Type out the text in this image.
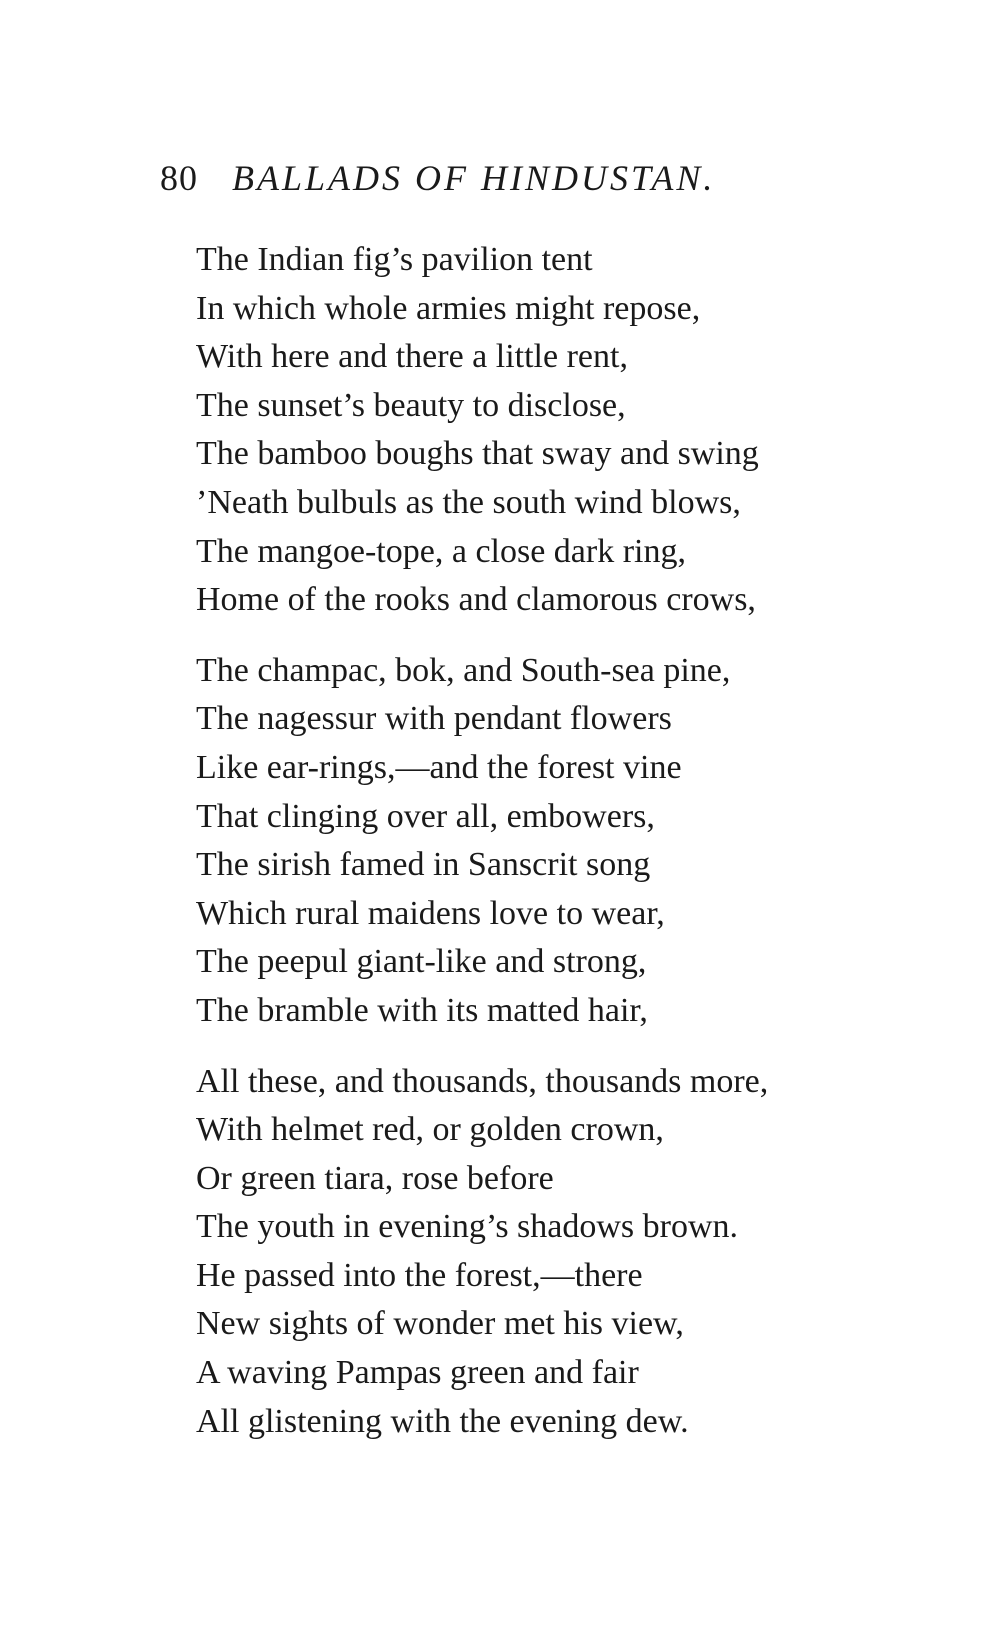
80 BALLADS OF HINDUSTAN.
The Indian fig’s pavilion tent
In which whole armies might repose,
With here and there a little rent,
The sunset’s beauty to disclose,
The bamboo boughs that sway and swing
’Neath bulbuls as the south wind blows,
The mangoe-tope, a close dark ring,
Home of the rooks and clamorous crows,
The champac, bok, and South-sea pine,
The nagessur with pendant flowers
Like ear-rings,—and the forest vine
That clinging over all, embowers,
The sirish famed in Sanscrit song
Which rural maidens love to wear,
The peepul giant-like and strong,
The bramble with its matted hair,
All these, and thousands, thousands more,
With helmet red, or golden crown,
Or green tiara, rose before
The youth in evening’s shadows brown.
He passed into the forest,—there
New sights of wonder met his view,
A waving Pampas green and fair
All glistening with the evening dew.
